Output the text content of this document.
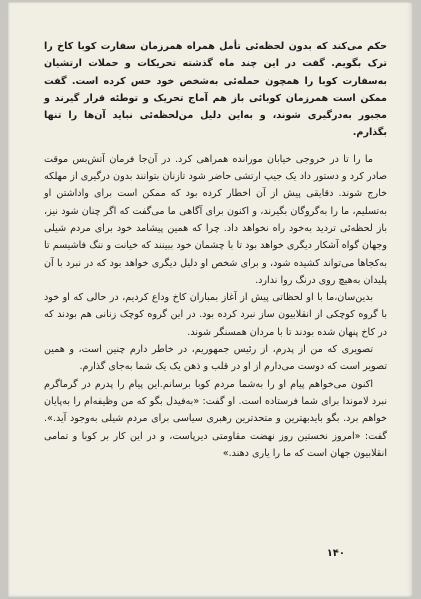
حکم می‌کند که بدون لحظه‌ئی تأمل همراه همرزمان سفارت کوبا کاخ را ترک بگویم. گفت در این چند ماه گذشته تحریکات و حملات ارتشیان به‌سفارت کوبا را همچون حمله‌ئی به‌شخص خود حس کرده است. گفت ممکن است همرزمان کوبائی باز هم آماج تحریک و توطئه قرار گیرند و مجبور به‌درگیری شوند، و به‌این دلیل من‌لحظه‌ئی نباید آن‌ها را تنها بگذارم.

ما را تا در خروجی خیابان موراند‌ه همراهی کرد. در آن‌جا فرمان آتش‌بس موقت صادر کرد و دستور داد یک جیپ ارتشی حاضر شود تازنان بتوانند بدون درگیری از مهلکه خارج شوند. دقایقی پیش از آن اخطار کرده بود که ممکن است برای واداشتن او به‌تسلیم، ما را به‌گروگان بگیرند، و اکنون برای آگاهی ما می‌گفت که اگر چنان شود نیز، باز لحظه‌ئی تردید به‌خود راه نخواهد داد. چرا که همین پیشامد خود برای مردم شیلی وجهان گواه آشکار دیگری خواهد بود تا با چشمان خود ببینند که خیانت و ننگ فاشیسم تا به‌کجاها می‌تواند کشیده شود، و برای شخص او دلیل دیگری خواهد بود که در نبرد با آن پلیدان به‌هیچ روی درنگ روا ندارد.

بدین‌سان،ما با او لحظاتی پیش از آغاز بمباران کاخ وداع کردیم، در حالی که او خود با گروه کوچکی از انقلابیون ساز نبرد کرده بود. در این گروه کوچک زنانی هم بودند که در کاخ پنهان شده بودند تا با مردان همسنگر شوند.

تصویری که من از پدرم، از رئیس جمهوریم، در خاطر دارم چنین است، و همین تصویر است که دوست می‌دارم از او در قلب و ذهن یک یک شما به‌جای گذارم.

اکنون می‌خواهم پیام او را به‌شما مردم کوبا برسانم.این پیام را پدرم در گرماگرم نبرد لاموندا برای شما فرستاده است. او گفت: «به‌فیدل بگو که من وظیفه‌ام را به‌پایان خواهم برد. بگو بایدبهترین و متحدترین رهبری سیاسی برای مردم شیلی به‌وجود آید.». گفت: «امروز نخستین روز نهضت مقاومتی دیرپاست، و در این کار بر کوبا و تمامی انقلابیون جهان است که ما را یاری دهند.»

۱۴۰
